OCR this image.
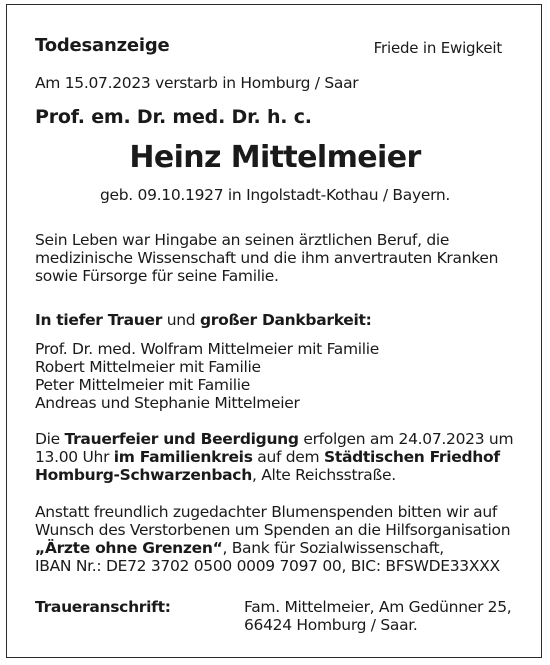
Todesanzeige	Friede in Ewigkeit
Am 15.07.2023 verstarb in Homburg / Saar
Prof. em. Dr. med. Dr. h. c.
Heinz Mittelmeier
geb. 09.10.1927 in Ingolstadt-Kothau / Bayern.
Sein Leben war Hingabe an seinen ärztlichen Beruf, die
medizinische Wissenschaft und die ihm anvertrauten Kranken
sowie Fürsorge für seine Familie.
In tiefer Trauer und großer Dankbarkeit:
Prof. Dr. med. Wolfram Mittelmeier mit Familie
Robert Mittelmeier mit Familie
Peter Mittelmeier mit Familie
Andreas und Stephanie Mittelmeier
Die Trauerfeier und Beerdigung erfolgen am 24.07.2023 um
13.00 Uhr im Familienkreis auf dem Städtischen Friedhof
Homburg-Schwarzenbach, Alte Reichsstraße.
Anstatt freundlich zugedachter Blumenspenden bitten wir auf
Wunsch des Verstorbenen um Spenden an die Hilfsorganisation
„Ärzte ohne Grenzen“, Bank für Sozialwissenschaft,
IBAN Nr.: DE72 3702 0500 0009 7097 00, BIC: BFSWDE33XXX
Traueranschrift:	Fam. Mittelmeier, Am Gedünner 25,
66424 Homburg / Saar.
